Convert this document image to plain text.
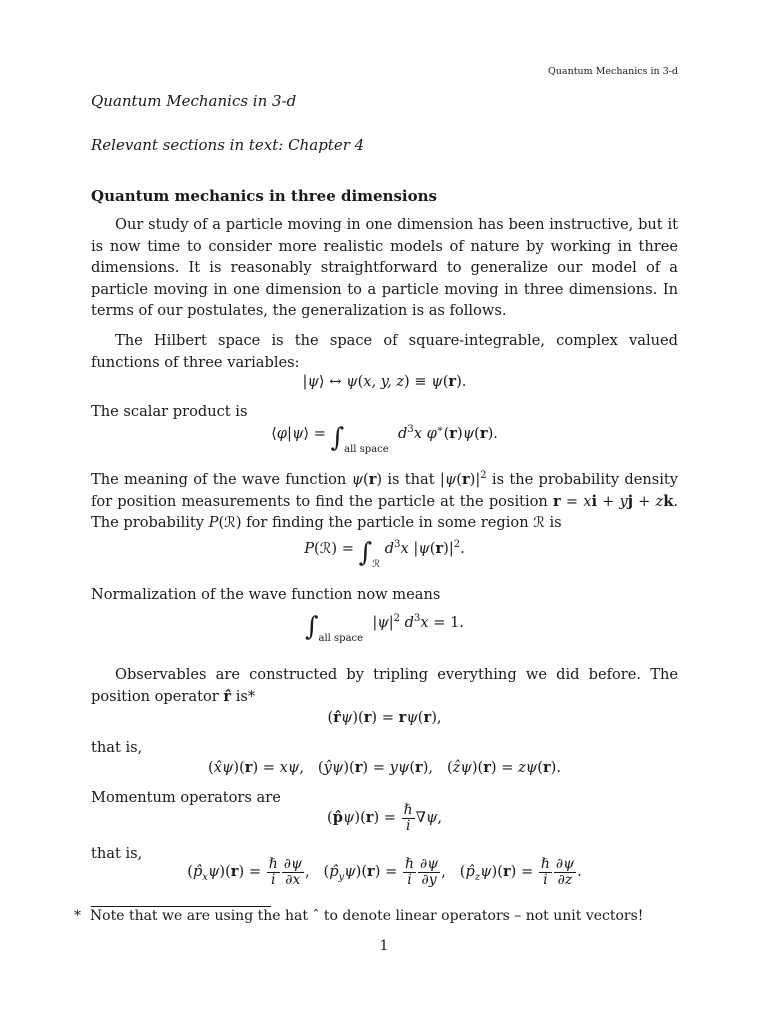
Quantum Mechanics in 3-d
Quantum Mechanics in 3-d
Relevant sections in text: Chapter 4
Quantum mechanics in three dimensions
Our study of a particle moving in one dimension has been instructive, but it is now time to consider more realistic models of nature by working in three dimensions. It is reasonably straightforward to generalize our model of a particle moving in one dimension to a particle moving in three dimensions. In terms of our postulates, the generalization is as follows.
The Hilbert space is the space of square-integrable, complex valued functions of three variables:
|ψ⟩ ↔ ψ(x, y, z) ≡ ψ(r).
The scalar product is
⟨φ|ψ⟩ = $\int_{all space}$  $d^3x$ φ∗(r)ψ(r).
The meaning of the wave function ψ(r) is that $|\psi(r)|^2$ is the probability density for position measurements to find the particle at the position r = xi + yj + zk. The probability P(ℛ) for finding the particle in some region ℛ is
P(ℛ) = $\int_ℛ$ $d^3x$ $|\psi(r)|^2$.
Normalization of the wave function now means
$\int_{all space}$  $|\psi|^2$ $d^3x = 1$.
Observables are constructed by tripling everything we did before. The position operator r̂ is*
(r̂ψ)(r) = rψ(r),
that is,
(x̂ψ)(r) = xψ,   (ŷψ)(r) = yψ(r),   (ẑψ)(r) = zψ(r).
Momentum operators are
(p̂ψ)(r) = $\frac{\text{ℏ}}{i} \nabla\psi$,
that is,
$(p̂_x\psi)(r) = \frac{\text{ℏ}}{i} \frac{\partial\psi}{\partial x}$ ,   $(p̂_y\psi)(r) = \frac{\text{ℏ}}{i} \frac{\partial\psi}{\partial y}$ ,   $(p̂_z\psi)(r) = \frac{\text{ℏ}}{i} \frac{\partial\psi}{\partial z}$ .
* Note that we are using the hat ˆ to denote linear operators – not unit vectors!
1
